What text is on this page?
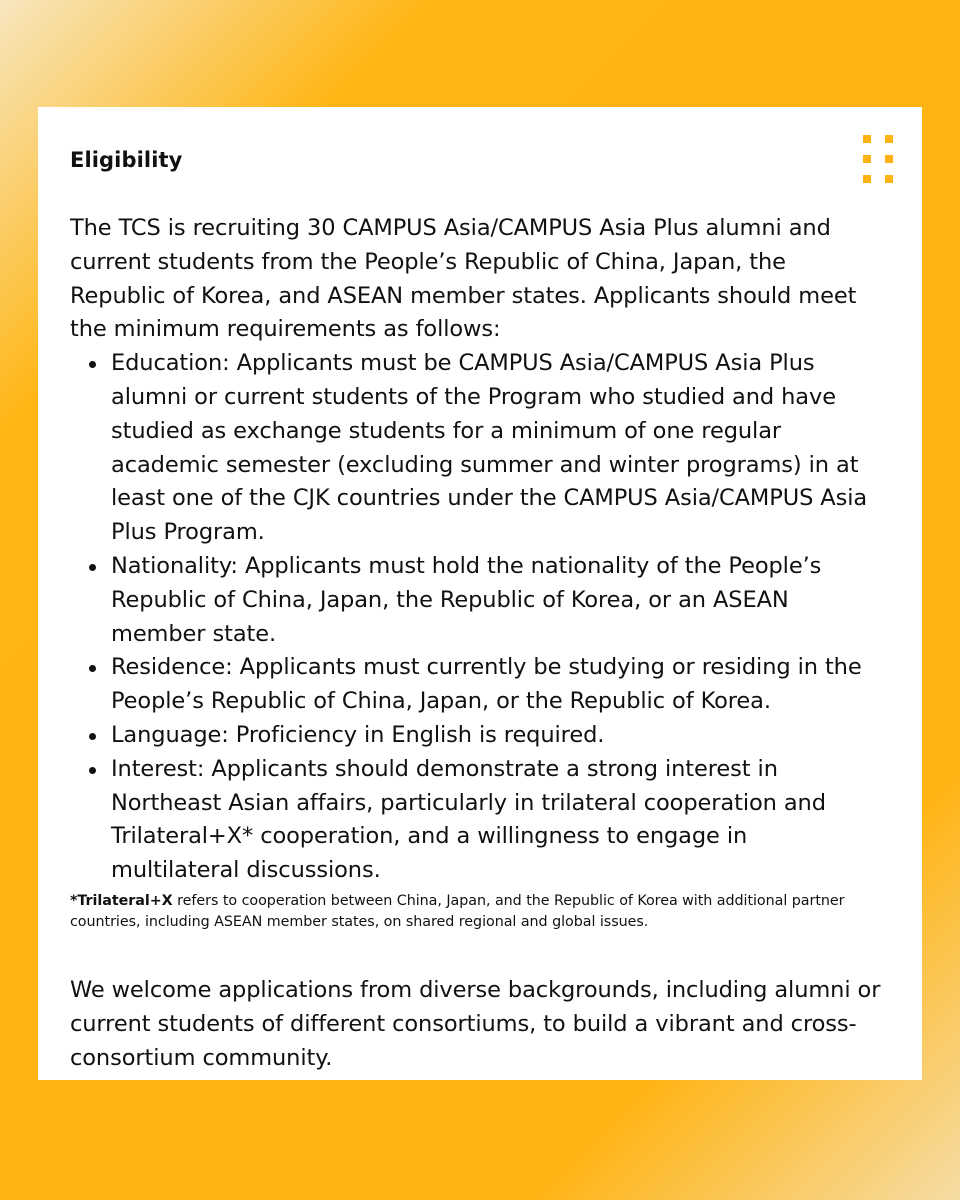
Eligibility

The TCS is recruiting 30 CAMPUS Asia/CAMPUS Asia Plus alumni and current students from the People’s Republic of China, Japan, the Republic of Korea, and ASEAN member states. Applicants should meet the minimum requirements as follows:

Education: Applicants must be CAMPUS Asia/CAMPUS Asia Plus alumni or current students of the Program who studied and have studied as exchange students for a minimum of one regular academic semester (excluding summer and winter programs) in at least one of the CJK countries under the CAMPUS Asia/CAMPUS Asia Plus Program.
Nationality: Applicants must hold the nationality of the People’s Republic of China, Japan, the Republic of Korea, or an ASEAN member state.
Residence: Applicants must currently be studying or residing in the People’s Republic of China, Japan, or the Republic of Korea.
Language: Proficiency in English is required.
Interest: Applicants should demonstrate a strong interest in Northeast Asian affairs, particularly in trilateral cooperation and Trilateral+X* cooperation, and a willingness to engage in multilateral discussions.

*Trilateral+X refers to cooperation between China, Japan, and the Republic of Korea with additional partner countries, including ASEAN member states, on shared regional and global issues.

We welcome applications from diverse backgrounds, including alumni or current students of different consortiums, to build a vibrant and cross-consortium community.
